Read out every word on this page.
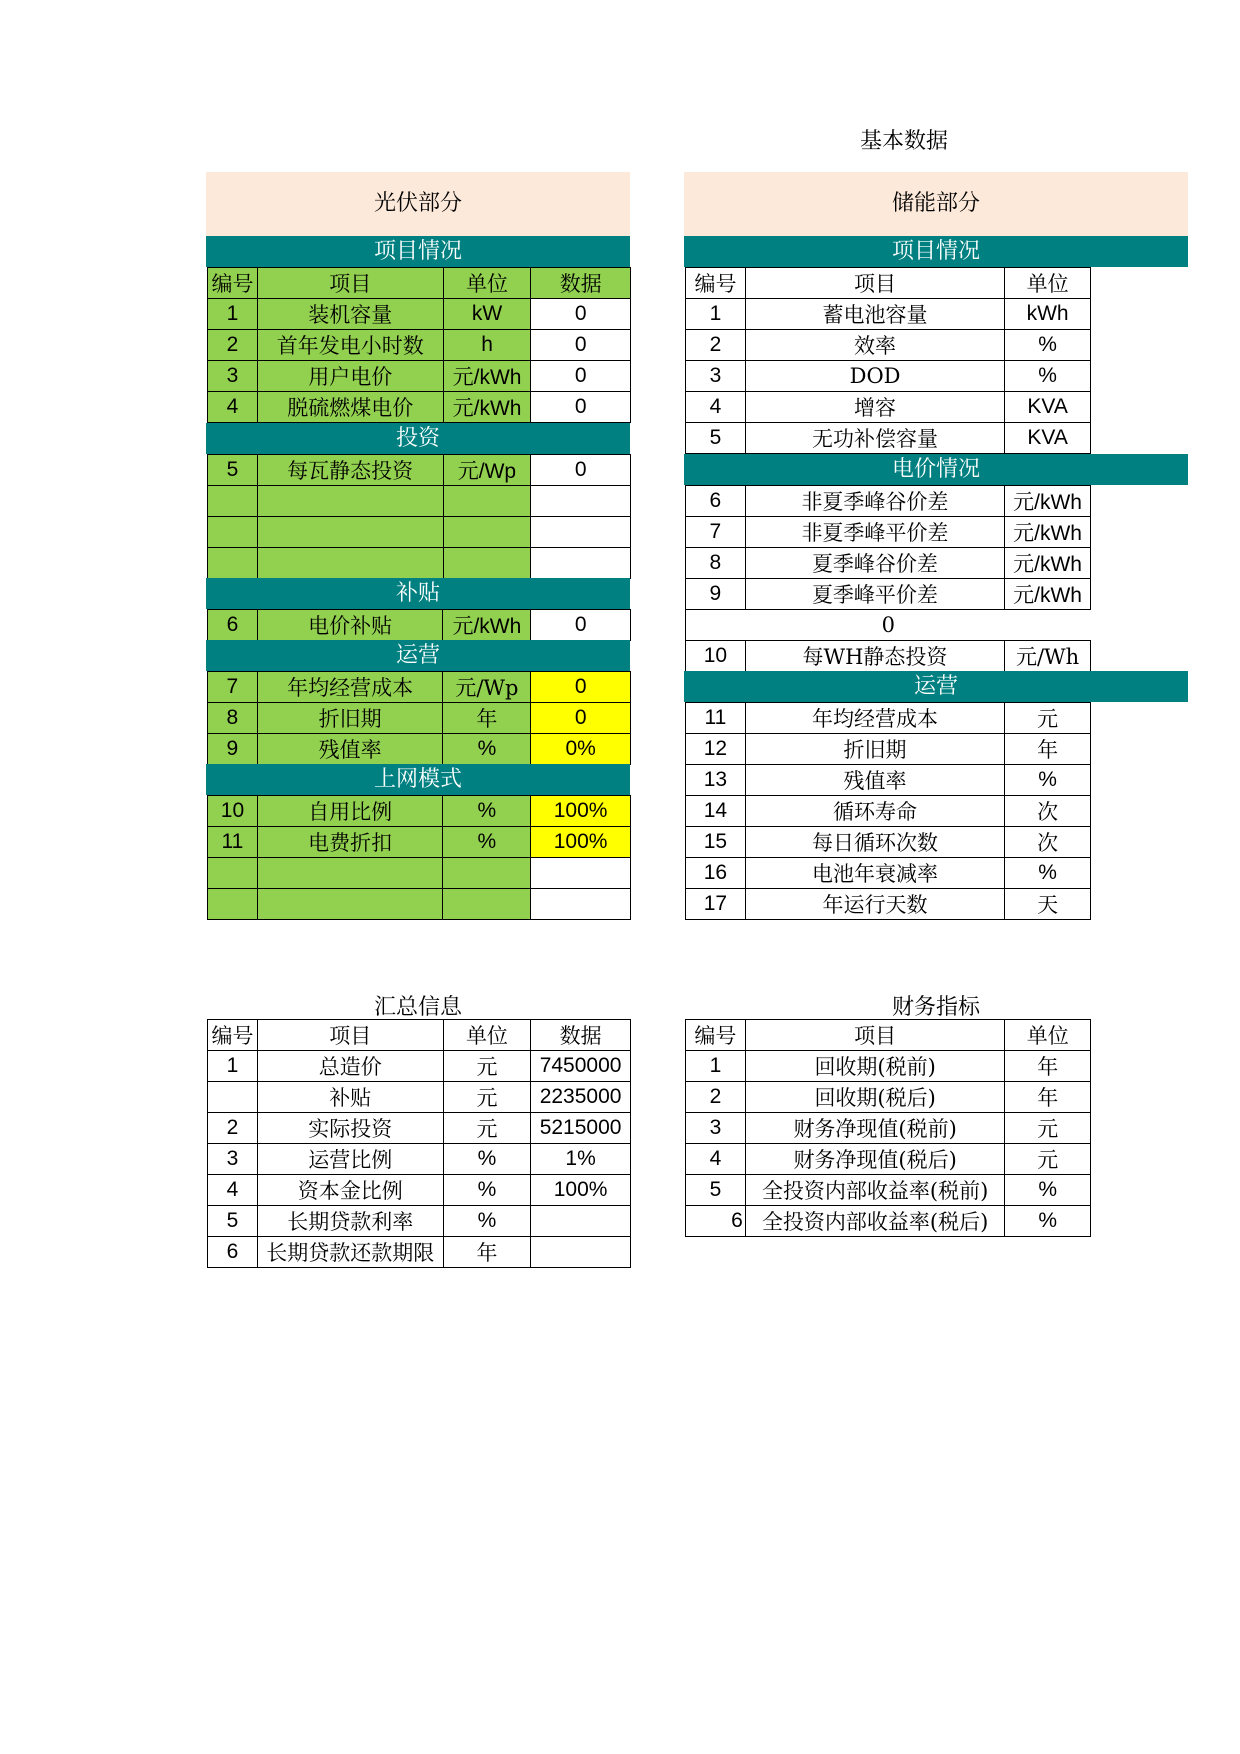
基本数据
光伏部分
项目情况
编号	项目	单位	数据
1	装机容量	kW	0
2	首年发电小时数	h	0
3	用户电价	元/kWh	0
4	脱硫燃煤电价	元/kWh	0
投资
5	每瓦静态投资	元/Wp	0

补贴
6	电价补贴	元/kWh	0
运营
7	年均经营成本	元/Wp	0
8	折旧期	年	0
9	残值率	%	0%
上网模式
10	自用比例	%	100%
11	电费折扣	%	100%

储能部分
项目情况
编号	项目	单位
1	蓄电池容量	kWh
2	效率	%
3	DOD	%
4	增容	KVA
5	无功补偿容量	KVA
电价情况
6	非夏季峰谷价差	元/kWh
7	非夏季峰平价差	元/kWh
8	夏季峰谷价差	元/kWh
9	夏季峰平价差	元/kWh
0		
10	每WH静态投资	元/Wh
运营
11	年均经营成本	元
12	折旧期	年
13	残值率	%
14	循环寿命	次
15	每日循环次数	次
16	电池年衰减率	%
17	年运行天数	天
汇总信息
编号	项目	单位	数据
1	总造价	元	7450000
	补贴	元	2235000
2	实际投资	元	5215000
3	运营比例	%	1%
4	资本金比例	%	100%
5	长期贷款利率	%	
6	长期贷款还款期限	年	
财务指标
编号	项目	单位
1	回收期(税前)	年
2	回收期(税后)	年
3	财务净现值(税前)	元
4	财务净现值(税后)	元
5	全投资内部收益率(税前)	%
6	全投资内部收益率(税后)	%
